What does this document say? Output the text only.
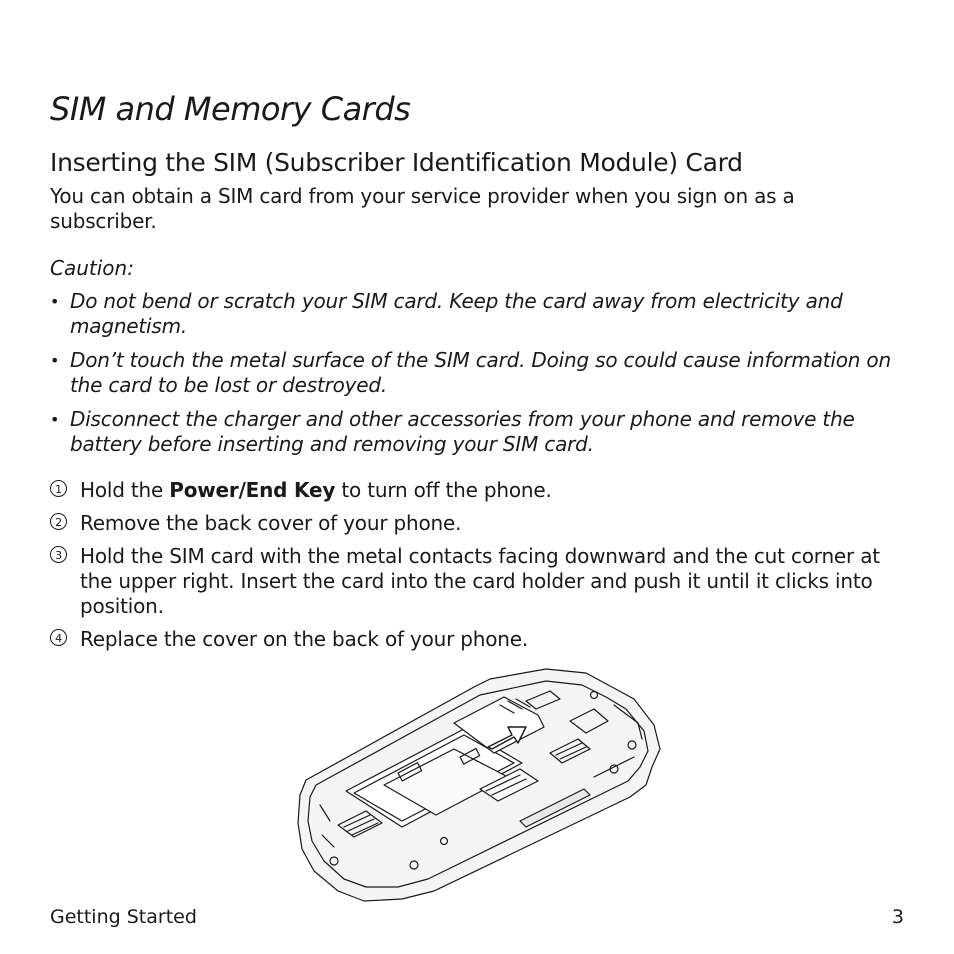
SIM and Memory Cards
Inserting the SIM (Subscriber Identification Module) Card

You can obtain a SIM card from your service provider when you sign on as a subscriber.

Caution:

• Do not bend or scratch your SIM card. Keep the card away from electricity and magnetism.
• Don’t touch the metal surface of the SIM card. Doing so could cause information on the card to be lost or destroyed.
• Disconnect the charger and other accessories from your phone and remove the battery before inserting and removing your SIM card.
1 Hold the Power/End Key to turn off the phone.
2 Remove the back cover of your phone.
3 Hold the SIM card with the metal contacts facing downward and the cut corner at the upper right. Insert the card into the card holder and push it until it clicks into position.
4 Replace the cover on the back of your phone.

Getting Started	3
